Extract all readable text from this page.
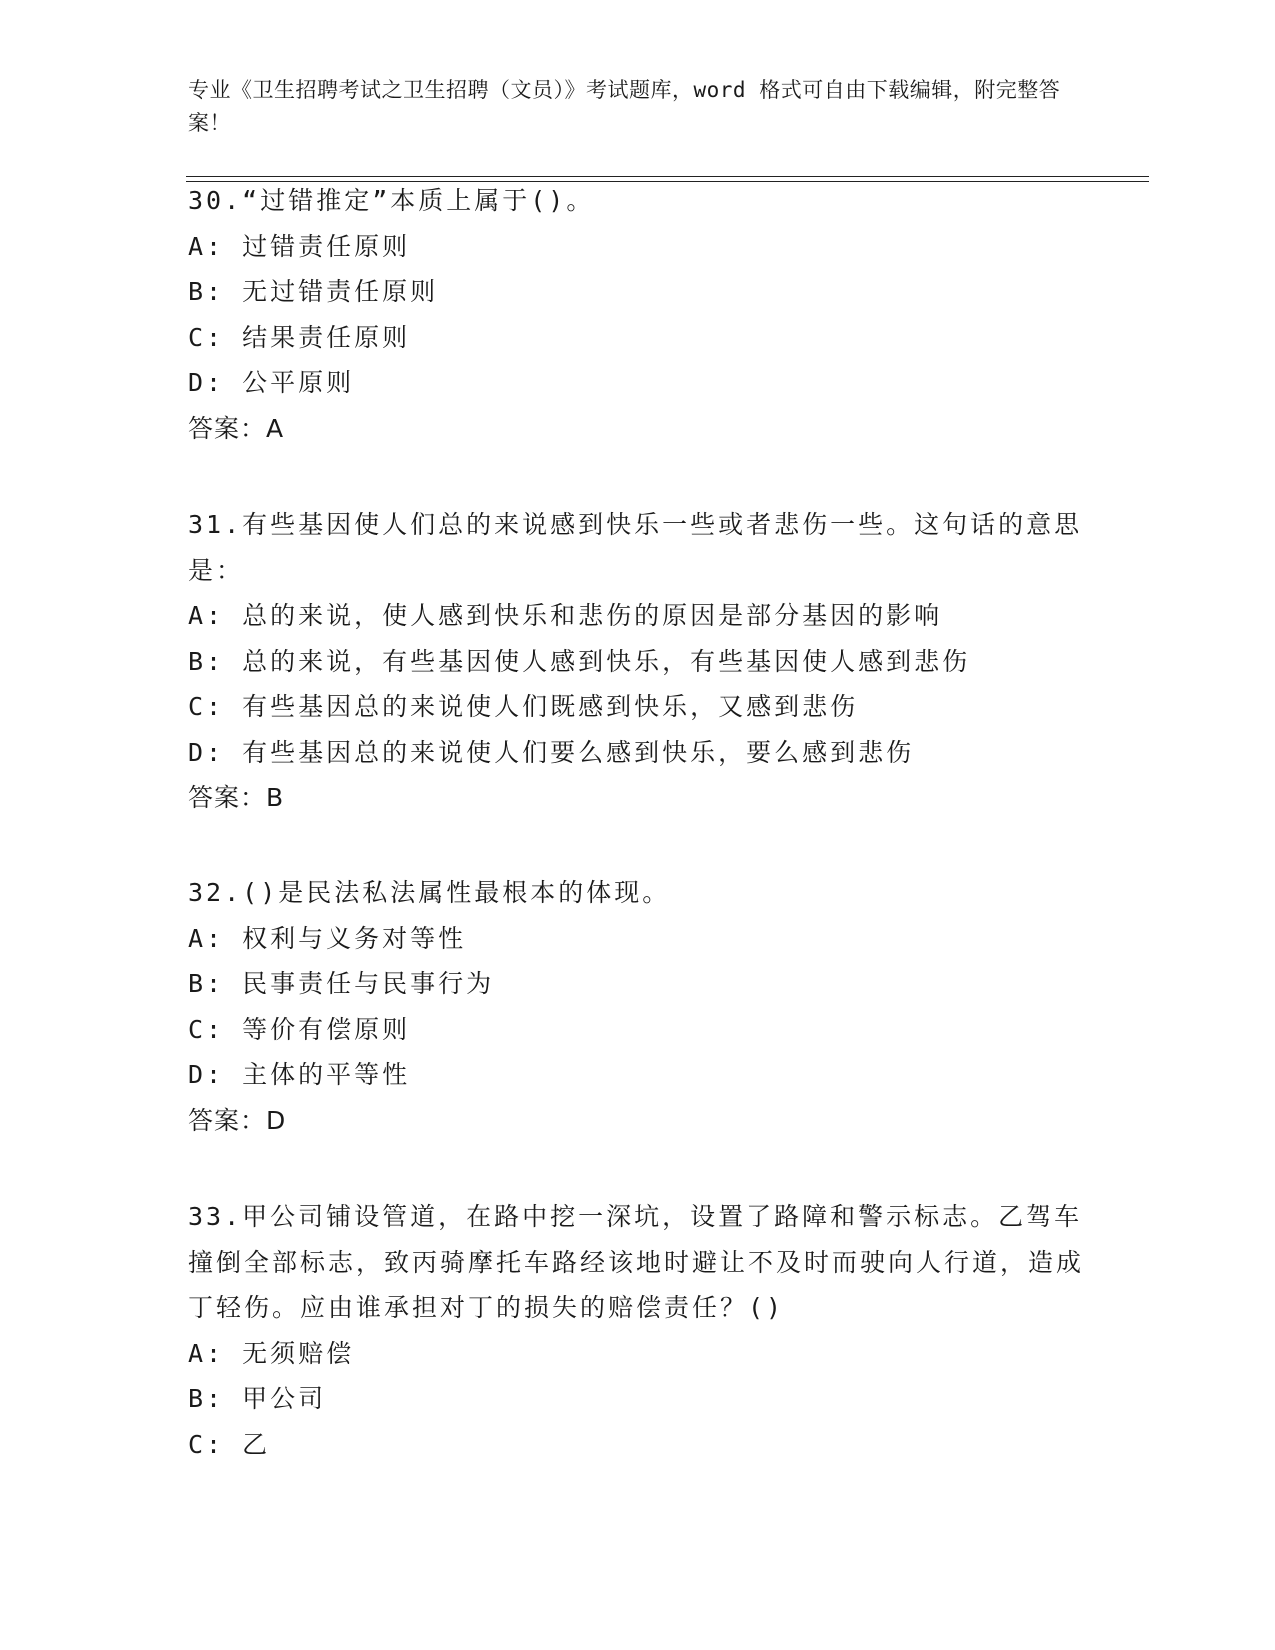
专业《卫生招聘考试之卫生招聘（文员）》考试题库，word 格式可自由下载编辑，附完整答案！

30.“过错推定”本质上属于()。

A: 过错责任原则

B: 无过错责任原则

C: 结果责任原则

D: 公平原则

答案：A

31.有些基因使人们总的来说感到快乐一些或者悲伤一些。这句话的意思是：

A: 总的来说，使人感到快乐和悲伤的原因是部分基因的影响

B: 总的来说，有些基因使人感到快乐，有些基因使人感到悲伤

C: 有些基因总的来说使人们既感到快乐，又感到悲伤

D: 有些基因总的来说使人们要么感到快乐，要么感到悲伤

答案：B

32.()是民法私法属性最根本的体现。

A: 权利与义务对等性

B: 民事责任与民事行为

C: 等价有偿原则

D: 主体的平等性

答案：D

33.甲公司铺设管道，在路中挖一深坑，设置了路障和警示标志。乙驾车撞倒全部标志，致丙骑摩托车路经该地时避让不及时而驶向人行道，造成丁轻伤。应由谁承担对丁的损失的赔偿责任？()

A: 无须赔偿

B: 甲公司

C: 乙
